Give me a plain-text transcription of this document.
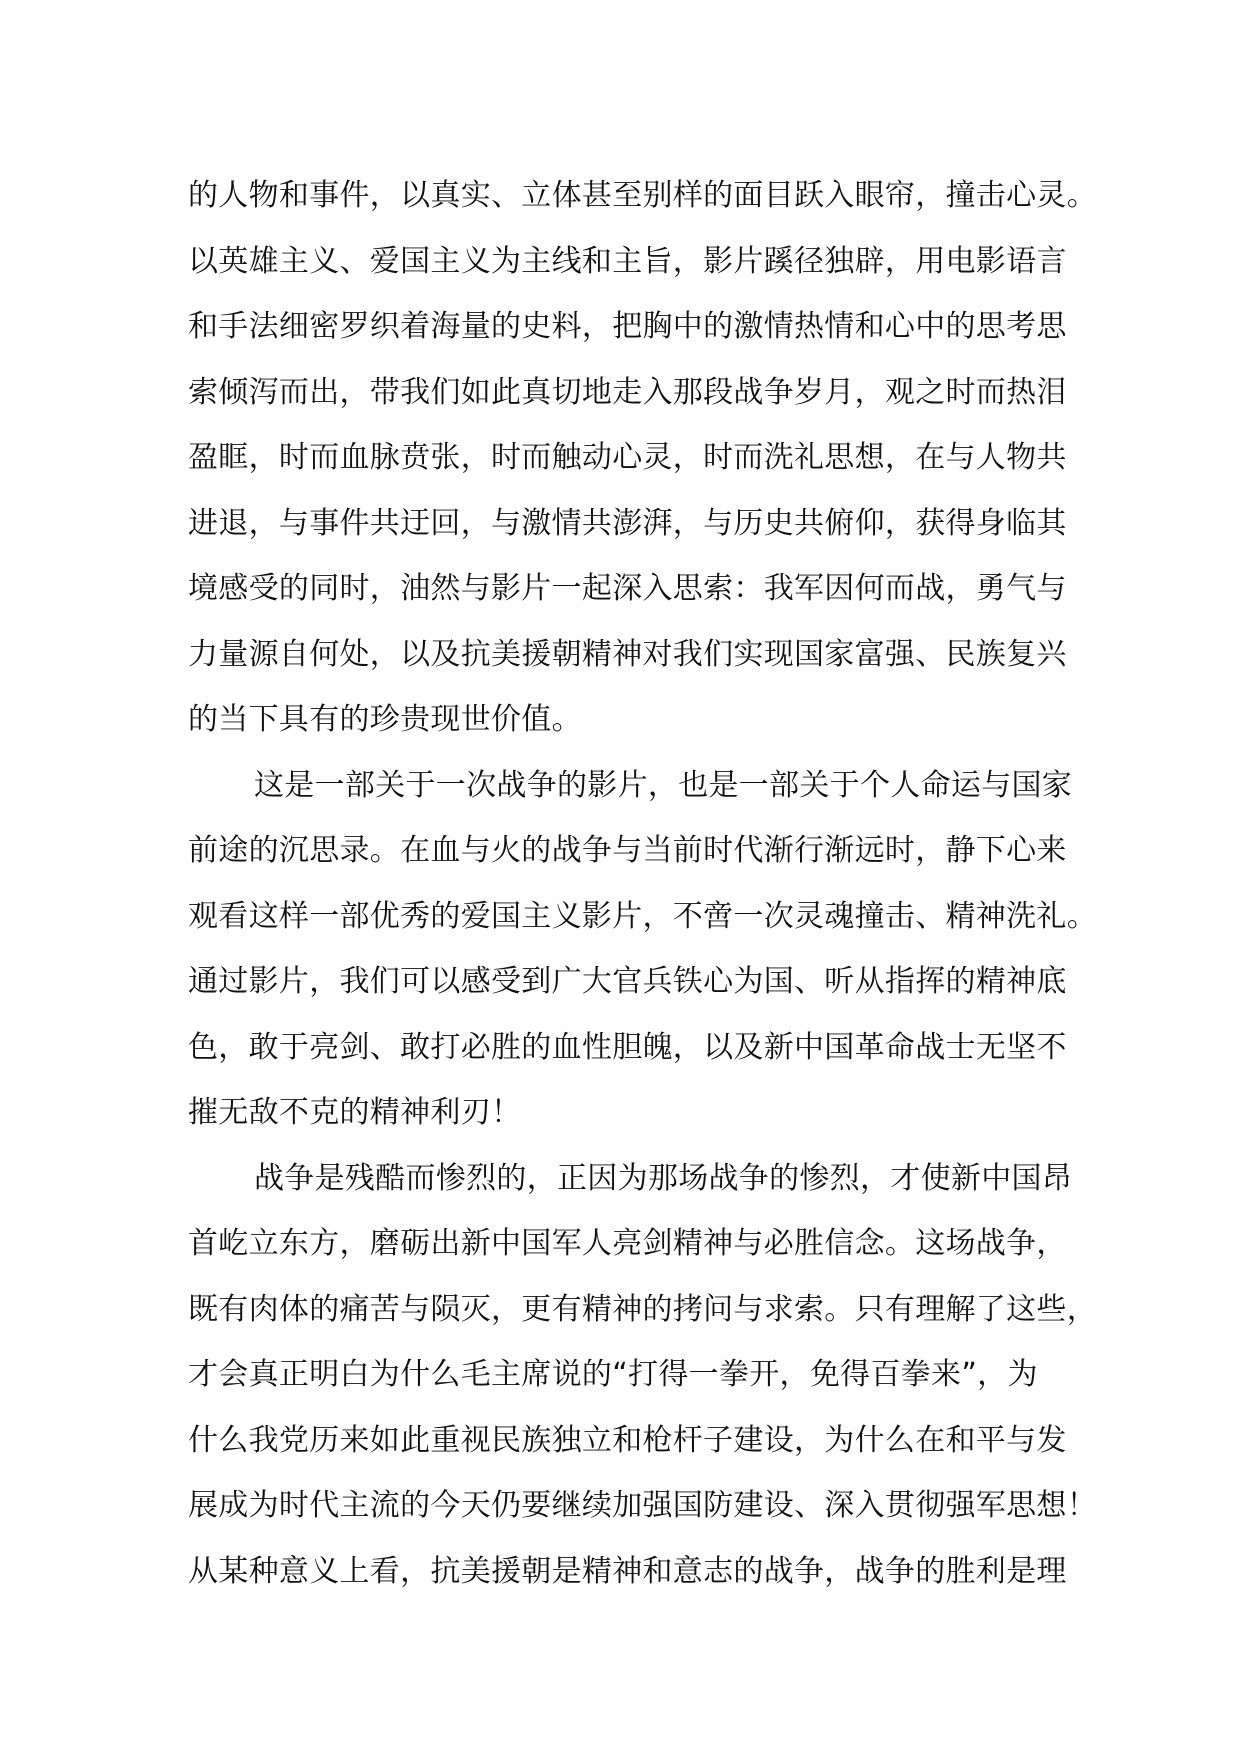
的人物和事件，以真实、立体甚至别样的面目跃入眼帘，撞击心灵。
以英雄主义、爱国主义为主线和主旨，影片蹊径独辟，用电影语言
和手法细密罗织着海量的史料，把胸中的激情热情和心中的思考思
索倾泻而出，带我们如此真切地走入那段战争岁月，观之时而热泪
盈眶，时而血脉贲张，时而触动心灵，时而洗礼思想，在与人物共
进退，与事件共迂回，与激情共澎湃，与历史共俯仰，获得身临其
境感受的同时，油然与影片一起深入思索：我军因何而战，勇气与
力量源自何处，以及抗美援朝精神对我们实现国家富强、民族复兴
的当下具有的珍贵现世价值。
这是一部关于一次战争的影片，也是一部关于个人命运与国家
前途的沉思录。在血与火的战争与当前时代渐行渐远时，静下心来
观看这样一部优秀的爱国主义影片，不啻一次灵魂撞击、精神洗礼。
通过影片，我们可以感受到广大官兵铁心为国、听从指挥的精神底
色，敢于亮剑、敢打必胜的血性胆魄，以及新中国革命战士无坚不
摧无敌不克的精神利刃！
战争是残酷而惨烈的，正因为那场战争的惨烈，才使新中国昂
首屹立东方，磨砺出新中国军人亮剑精神与必胜信念。这场战争，
既有肉体的痛苦与陨灭，更有精神的拷问与求索。只有理解了这些，
才会真正明白为什么毛主席说的“打得一拳开，免得百拳来”，为
什么我党历来如此重视民族独立和枪杆子建设，为什么在和平与发
展成为时代主流的今天仍要继续加强国防建设、深入贯彻强军思想！
从某种意义上看，抗美援朝是精神和意志的战争，战争的胜利是理
